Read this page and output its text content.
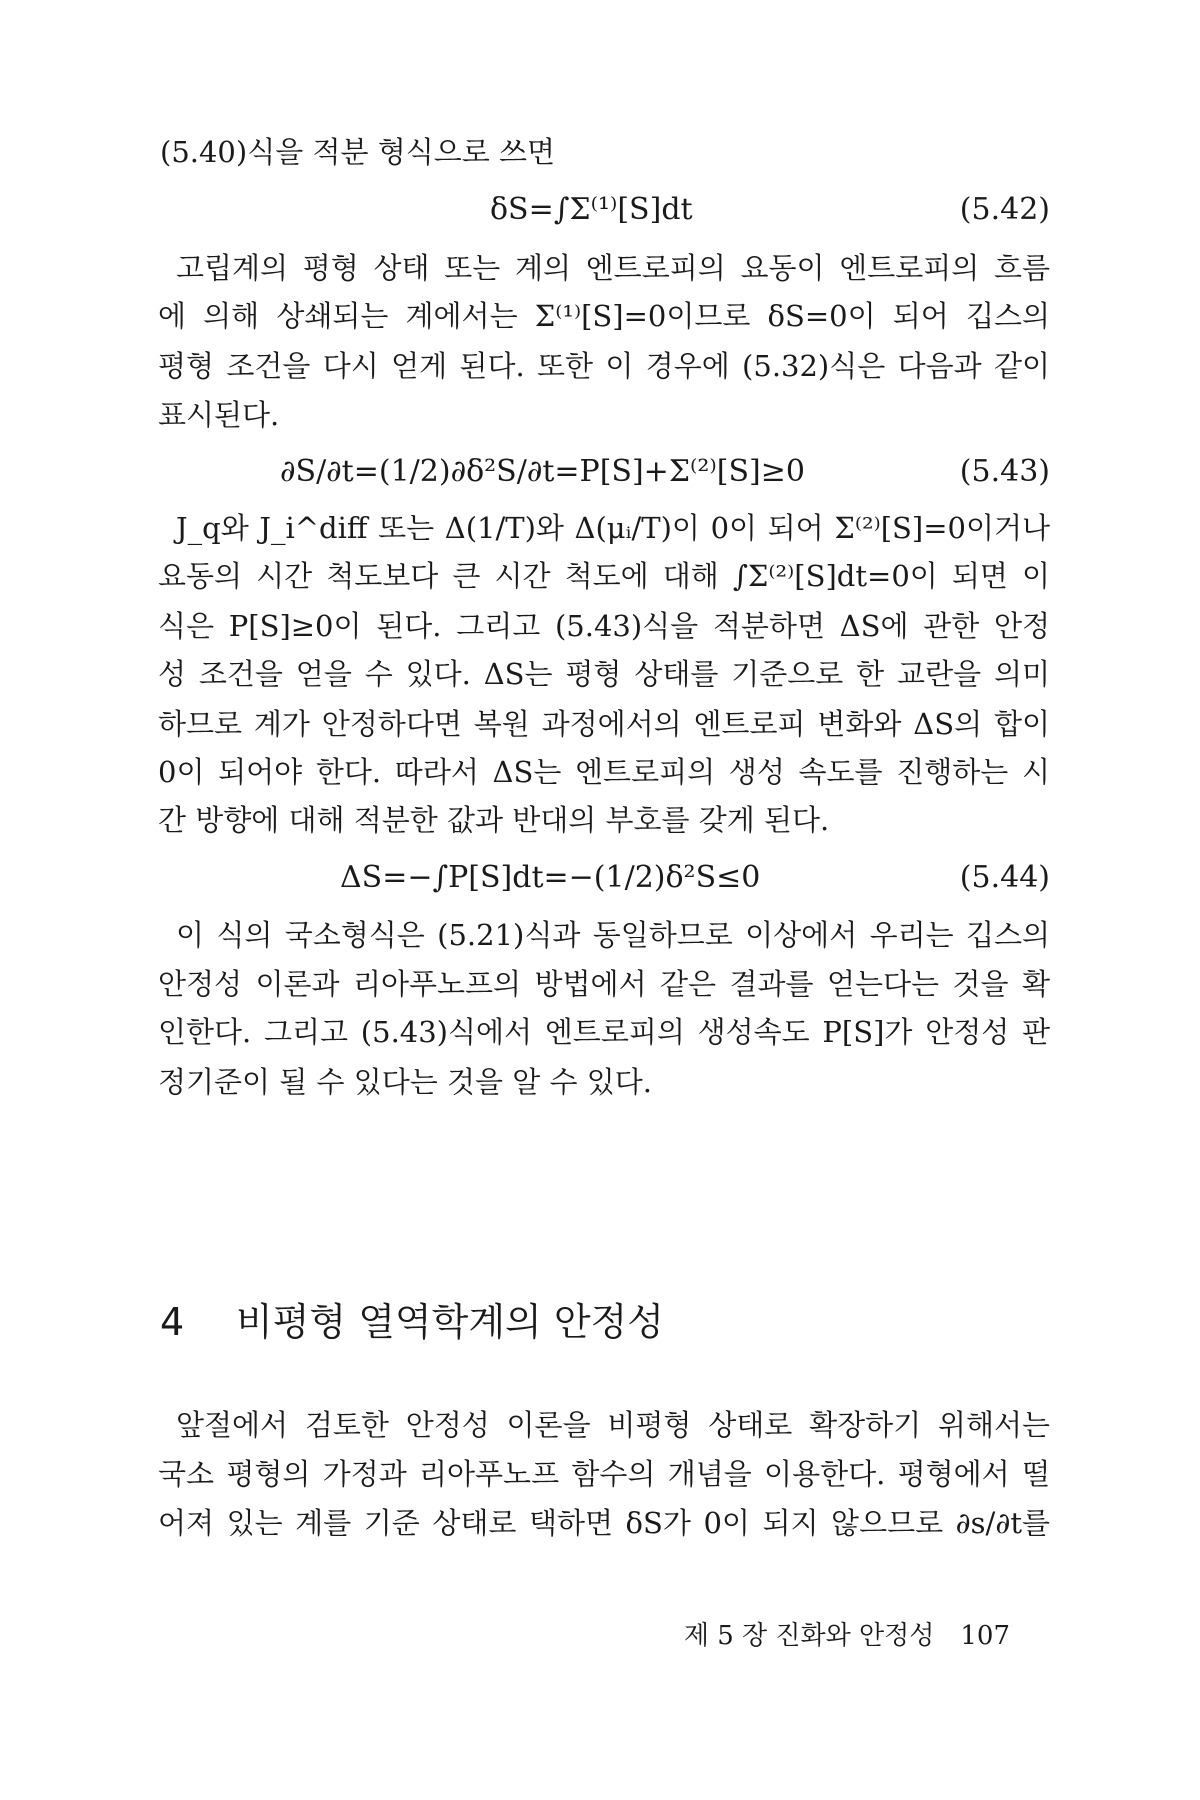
(5.40)식을 적분 형식으로 쓰면
δS=∫Σ⁽¹⁾[S]dt	(5.42)
고립계의 평형 상태 또는 계의 엔트로피의 요동이 엔트로피의 흐름
에 의해 상쇄되는 계에서는 Σ⁽¹⁾[S]=0이므로 δS=0이 되어 깁스의
평형 조건을 다시 얻게 된다. 또한 이 경우에 (5.32)식은 다음과 같이
표시된다.
∂S/∂t=(1/2)∂δ²S/∂t=P[S]+Σ⁽²⁾[S]≥0	(5.43)
J_q와 J_i^diff 또는 Δ(1/T)와 Δ(μᵢ/T)이 0이 되어 Σ⁽²⁾[S]=0이거나
요동의 시간 척도보다 큰 시간 척도에 대해 ∫Σ⁽²⁾[S]dt=0이 되면 이
식은 P[S]≥0이 된다. 그리고 (5.43)식을 적분하면 ΔS에 관한 안정
성 조건을 얻을 수 있다. ΔS는 평형 상태를 기준으로 한 교란을 의미
하므로 계가 안정하다면 복원 과정에서의 엔트로피 변화와 ΔS의 합이
0이 되어야 한다. 따라서 ΔS는 엔트로피의 생성 속도를 진행하는 시
간 방향에 대해 적분한 값과 반대의 부호를 갖게 된다.
ΔS=−∫P[S]dt=−(1/2)δ²S≤0	(5.44)
이 식의 국소형식은 (5.21)식과 동일하므로 이상에서 우리는 깁스의
안정성 이론과 리아푸노프의 방법에서 같은 결과를 얻는다는 것을 확
인한다. 그리고 (5.43)식에서 엔트로피의 생성속도 P[S]가 안정성 판
정기준이 될 수 있다는 것을 알 수 있다.
4 비평형 열역학계의 안정성
앞절에서 검토한 안정성 이론을 비평형 상태로 확장하기 위해서는
국소 평형의 가정과 리아푸노프 함수의 개념을 이용한다. 평형에서 떨
어져 있는 계를 기준 상태로 택하면 δS가 0이 되지 않으므로 ∂s/∂t를
제 5 장 진화와 안정성 107
